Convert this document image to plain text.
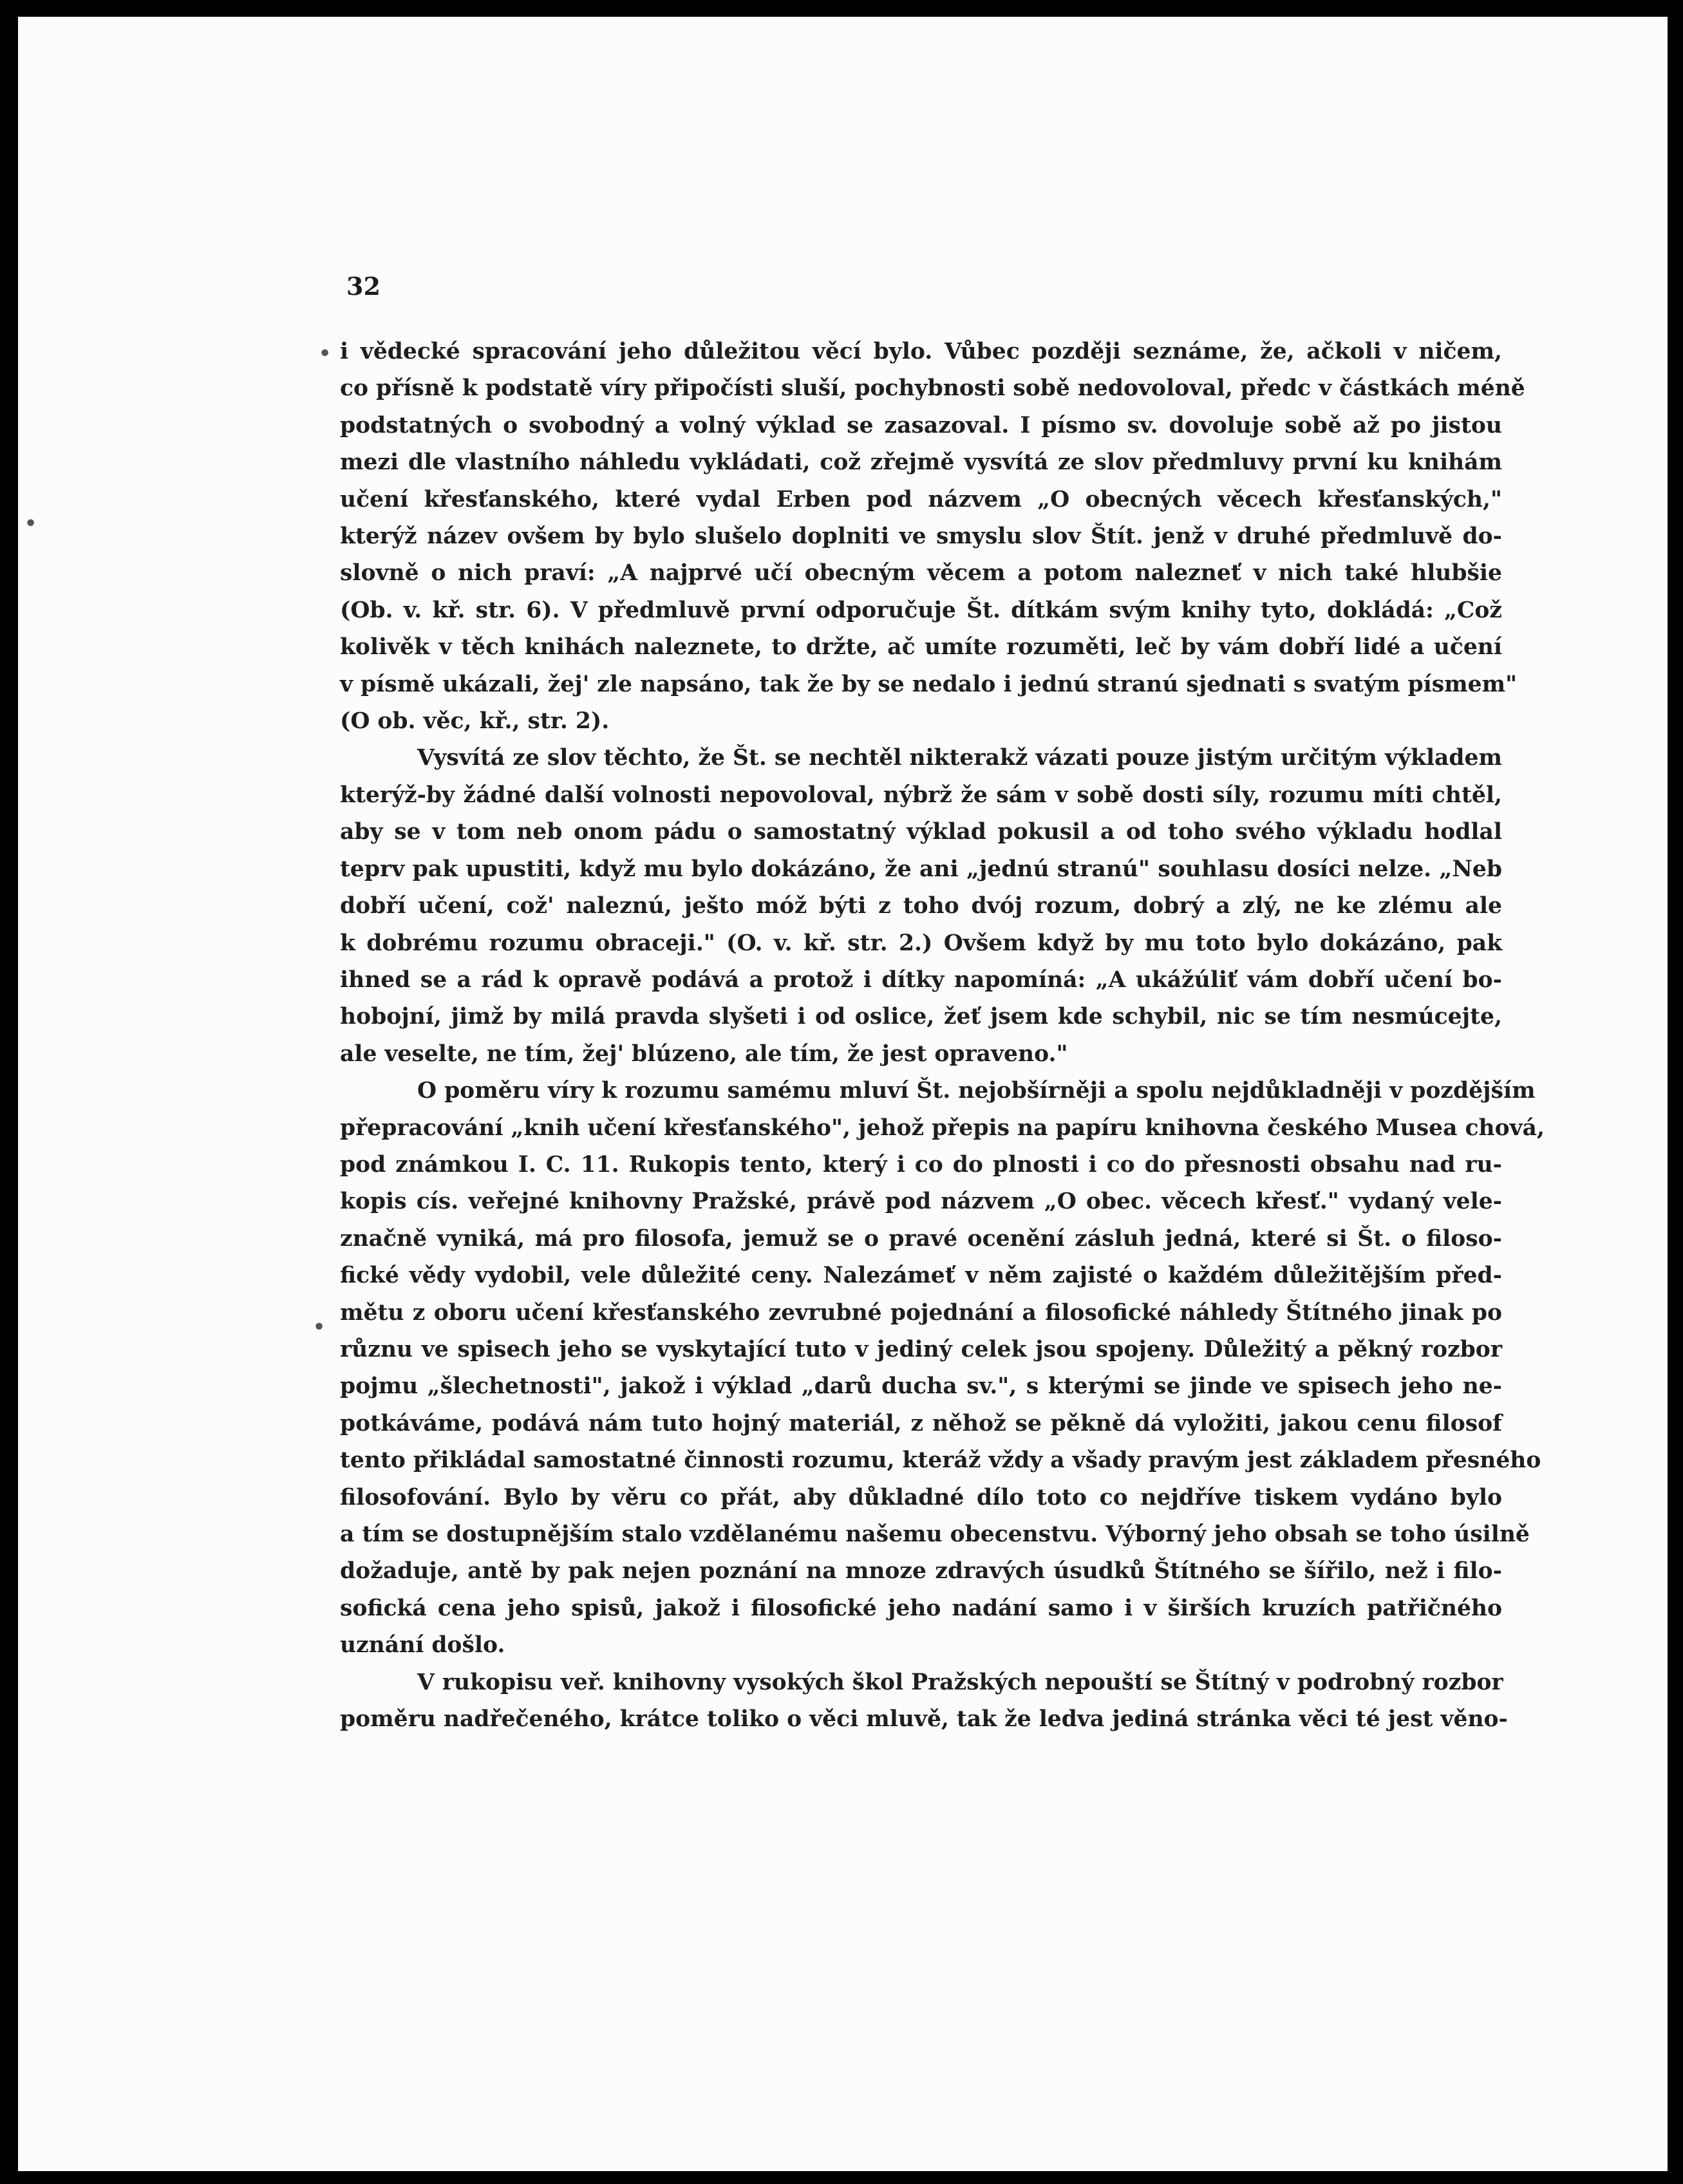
32
•
•
•
i vědecké spracování jeho důležitou věcí bylo. Vůbec později seznáme, že, ačkoli v ničem,
co přísně k podstatě víry připočísti sluší, pochybnosti sobě nedovoloval, předc v částkách méně
podstatných o svobodný a volný výklad se zasazoval. I písmo sv. dovoluje sobě až po jistou
mezi dle vlastního náhledu vykládati, což zřejmě vysvítá ze slov předmluvy první ku knihám
učení křesťanského, které vydal Erben pod názvem „O obecných věcech křesťanských,"
kterýž název ovšem by bylo slušelo doplniti ve smyslu slov Štít. jenž v druhé předmluvě do-
slovně o nich praví: „A najprvé učí obecným věcem a potom nalezneť v nich také hlubšie
(Ob. v. kř. str. 6). V předmluvě první odporučuje Št. dítkám svým knihy tyto, dokládá: „Což
kolivěk v těch knihách naleznete, to držte, ač umíte rozuměti, leč by vám dobří lidé a učení
v písmě ukázali, žej' zle napsáno, tak že by se nedalo i jednú stranú sjednati s svatým písmem"
(O ob. věc, kř., str. 2).
Vysvítá ze slov těchto, že Št. se nechtěl nikterakž vázati pouze jistým určitým výkladem
kterýž-by žádné další volnosti nepovoloval, nýbrž že sám v sobě dosti síly, rozumu míti chtěl,
aby se v tom neb onom pádu o samostatný výklad pokusil a od toho svého výkladu hodlal
teprv pak upustiti, když mu bylo dokázáno, že ani „jednú stranú" souhlasu dosíci nelze. „Neb
dobří učení, což' naleznú, ješto móž býti z toho dvój rozum, dobrý a zlý, ne ke zlému ale
k dobrému rozumu obraceji." (O. v. kř. str. 2.) Ovšem když by mu toto bylo dokázáno, pak
ihned se a rád k opravě podává a protož i dítky napomíná: „A ukážúliť vám dobří učení bo-
hobojní, jimž by milá pravda slyšeti i od oslice, žeť jsem kde schybil, nic se tím nesmúcejte,
ale veselte, ne tím, žej' blúzeno, ale tím, že jest opraveno."
O poměru víry k rozumu samému mluví Št. nejobšírněji a spolu nejdůkladněji v pozdějším
přepracování „knih učení křesťanského", jehož přepis na papíru knihovna českého Musea chová,
pod známkou I. C. 11. Rukopis tento, který i co do plnosti i co do přesnosti obsahu nad ru-
kopis cís. veřejné knihovny Pražské, právě pod názvem „O obec. věcech křesť." vydaný vele-
značně vyniká, má pro filosofa, jemuž se o pravé ocenění zásluh jedná, které si Št. o filoso-
fické vědy vydobil, vele důležité ceny. Nalezámeť v něm zajisté o každém důležitějším před-
mětu z oboru učení křesťanského zevrubné pojednání a filosofické náhledy Štítného jinak po
různu ve spisech jeho se vyskytající tuto v jediný celek jsou spojeny. Důležitý a pěkný rozbor
pojmu „šlechetnosti", jakož i výklad „darů ducha sv.", s kterými se jinde ve spisech jeho ne-
potkáváme, podává nám tuto hojný materiál, z něhož se pěkně dá vyložiti, jakou cenu filosof
tento přikládal samostatné činnosti rozumu, kteráž vždy a všady pravým jest základem přesného
filosofování. Bylo by věru co přát, aby důkladné dílo toto co nejdříve tiskem vydáno bylo
a tím se dostupnějším stalo vzdělanému našemu obecenstvu. Výborný jeho obsah se toho úsilně
dožaduje, antě by pak nejen poznání na mnoze zdravých úsudků Štítného se šířilo, než i filo-
sofická cena jeho spisů, jakož i filosofické jeho nadání samo i v širších kruzích patřičného
uznání došlo.
V rukopisu veř. knihovny vysokých škol Pražských nepouští se Štítný v podrobný rozbor
poměru nadřečeného, krátce toliko o věci mluvě, tak že ledva jediná stránka věci té jest věno-
